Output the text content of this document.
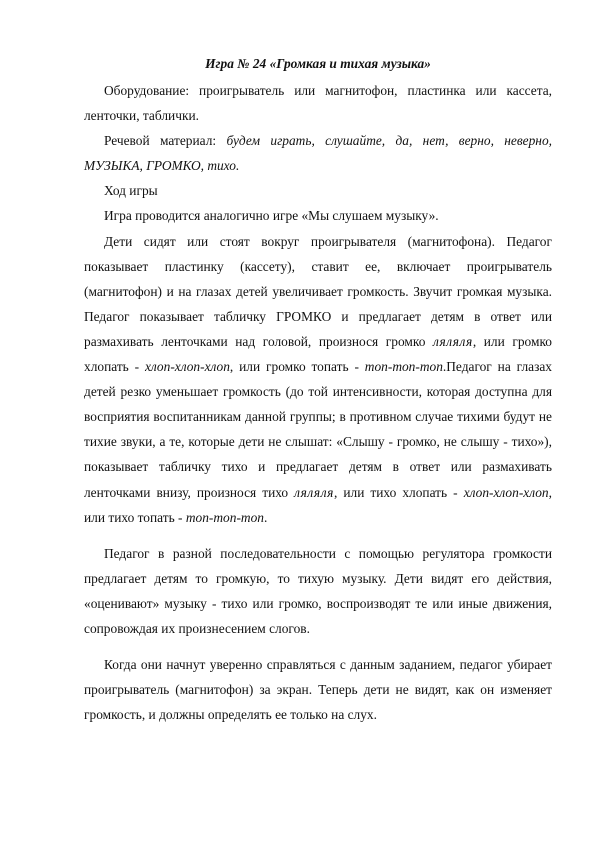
Игра № 24 «Громкая и тихая музыка»

Оборудование: проигрыватель или магнитофон, пластинка или кассета, ленточки, таблички.

Речевой материал: будем играть, слушайте, да, нет, верно, неверно, МУЗЫКА, ГРОМКО, тихо.

Ход игры

Игра проводится аналогично игре «Мы слушаем музыку».

Дети сидят или стоят вокруг проигрывателя (магнитофона). Педагог показывает пластинку (кассету), ставит ее, включает проигрыватель (магнитофон) и на глазах детей увеличивает громкость. Звучит громкая музыка. Педагог показывает табличку ГРОМКО и предлагает детям в ответ или размахивать ленточками над головой, произнося громко ляляля, или громко хлопать - хлоп-хлоп-хлоп, или громко топать - топ-топ-топ.Педагог на глазах детей резко уменьшает громкость (до той интенсивности, которая доступна для восприятия воспитанникам данной группы; в противном случае тихими будут не тихие звуки, а те, которые дети не слышат: «Слышу - громко, не слышу - тихо»), показывает табличку тихо и предлагает детям в ответ или размахивать ленточками внизу, произнося тихо ляляля, или тихо хлопать - хлоп-хлоп-хлоп, или тихо топать - топ-топ-топ.

Педагог в разной последовательности с помощью регулятора громкости предлагает детям то громкую, то тихую музыку. Дети видят его действия, «оценивают» музыку - тихо или громко, воспроизводят те или иные движения, сопровождая их произнесением слогов.

Когда они начнут уверенно справляться с данным заданием, педагог убирает проигрыватель (магнитофон) за экран. Теперь дети не видят, как он изменяет громкость, и должны определять ее только на слух.
